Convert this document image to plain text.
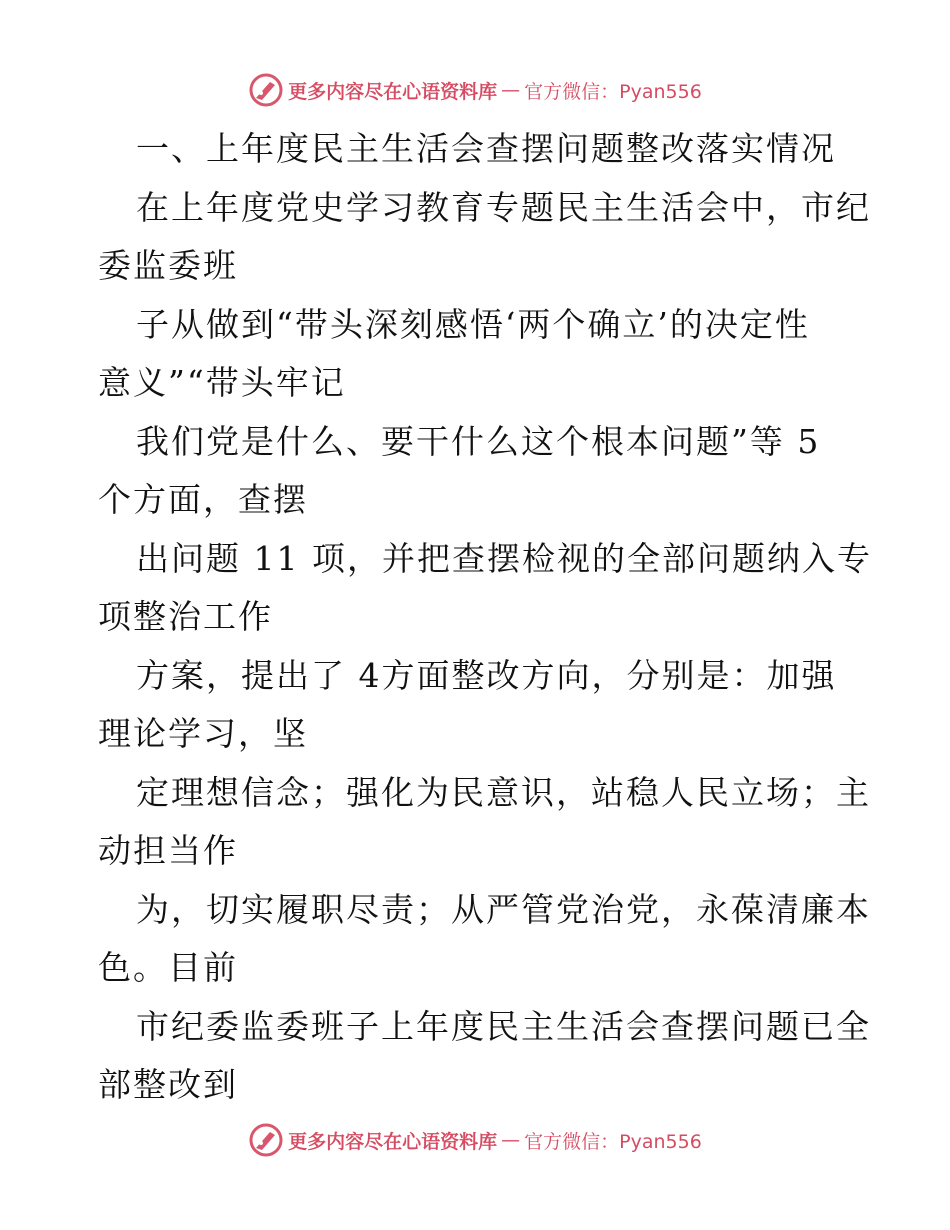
更多内容尽在心语资料库 — 官方微信：Pyan556
一、上年度民主生活会查摆问题整改落实情况
在上年度党史学习教育专题民主生活会中，市纪
委监委班
子从做到“带头深刻感悟‘两个确立’的决定性
意义”“带头牢记
我们党是什么、要干什么这个根本问题”等 5
个方面，查摆
出问题 11 项，并把查摆检视的全部问题纳入专
项整治工作
方案，提出了 4方面整改方向，分别是：加强
理论学习，坚
定理想信念；强化为民意识，站稳人民立场；主
动担当作
为，切实履职尽责；从严管党治党，永葆清廉本
色。目前
市纪委监委班子上年度民主生活会查摆问题已全
部整改到
更多内容尽在心语资料库 — 官方微信：Pyan556
